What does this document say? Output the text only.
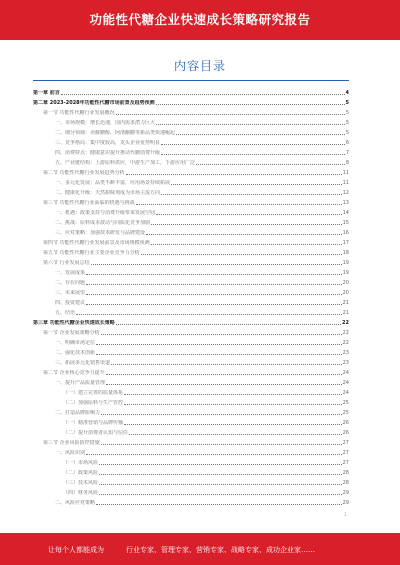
功能性代糖企业快速成长策略研究报告
内容目录
第一章 前言	4
第二章 2023-2028年功能性代糖市场前景及趋势预测	5
第一节 功能性代糖行业发展概况	5
一、市场规模：增长迅速，国内需求潜力巨大	5
二、细分领域：赤藓糖醇、阿洛酮糖等新品类快速崛起	5
三、竞争格局：集中度较高，龙头企业优势明显	6
四、消费特点：健康意识提升推动代糖消费升级	7
五、产业链结构：上游原料供应，中游生产加工，下游应用广泛	8
第二节 功能性代糖行业发展趋势分析	11
一、多元化发展：品类不断丰富，应用场景持续拓展	11
二、健康化升级：天然甜味剂成为市场主流方向	12
第三节 功能性代糖行业面临的机遇与挑战	13
一、机遇：政策支持与消费升级带来发展空间	14
二、挑战：原料成本波动与同质化竞争加剧	15
三、应对策略：加强技术研发与品牌建设	16
第四节 功能性代糖行业发展前景及市场规模预测	17
第五节 功能性代糖行业主要企业竞争力分析	18
第六节 行业发展总结	19
一、发展成果	19
二、存在问题	20
三、未来展望	20
四、投资建议	21
五、结语	21
第三章 功能性代糖企业快速成长策略	22
第一节 企业发展策略分析	22
一、明确市场定位	22
二、强化技术创新	23
三、拓展多元化销售渠道	23
第二节 企业核心竞争力提升	24
一、提升产品质量管理	24
（一）建立完善的质量体系	24
（二）加强原料与生产管控	25
二、打造品牌影响力	25
（一）精准营销与品牌传播	26
（二）提升消费者认知与信任	26
第三节 企业风险防控措施	27
一、风险识别	27
（一）市场风险	27
（二）政策风险	28
（三）技术风险	28
（四）财务风险	29
二、风险应对策略	29
1
让每个人都能成为	行业专家、管理专家、营销专家、战略专家、成功企业家……
